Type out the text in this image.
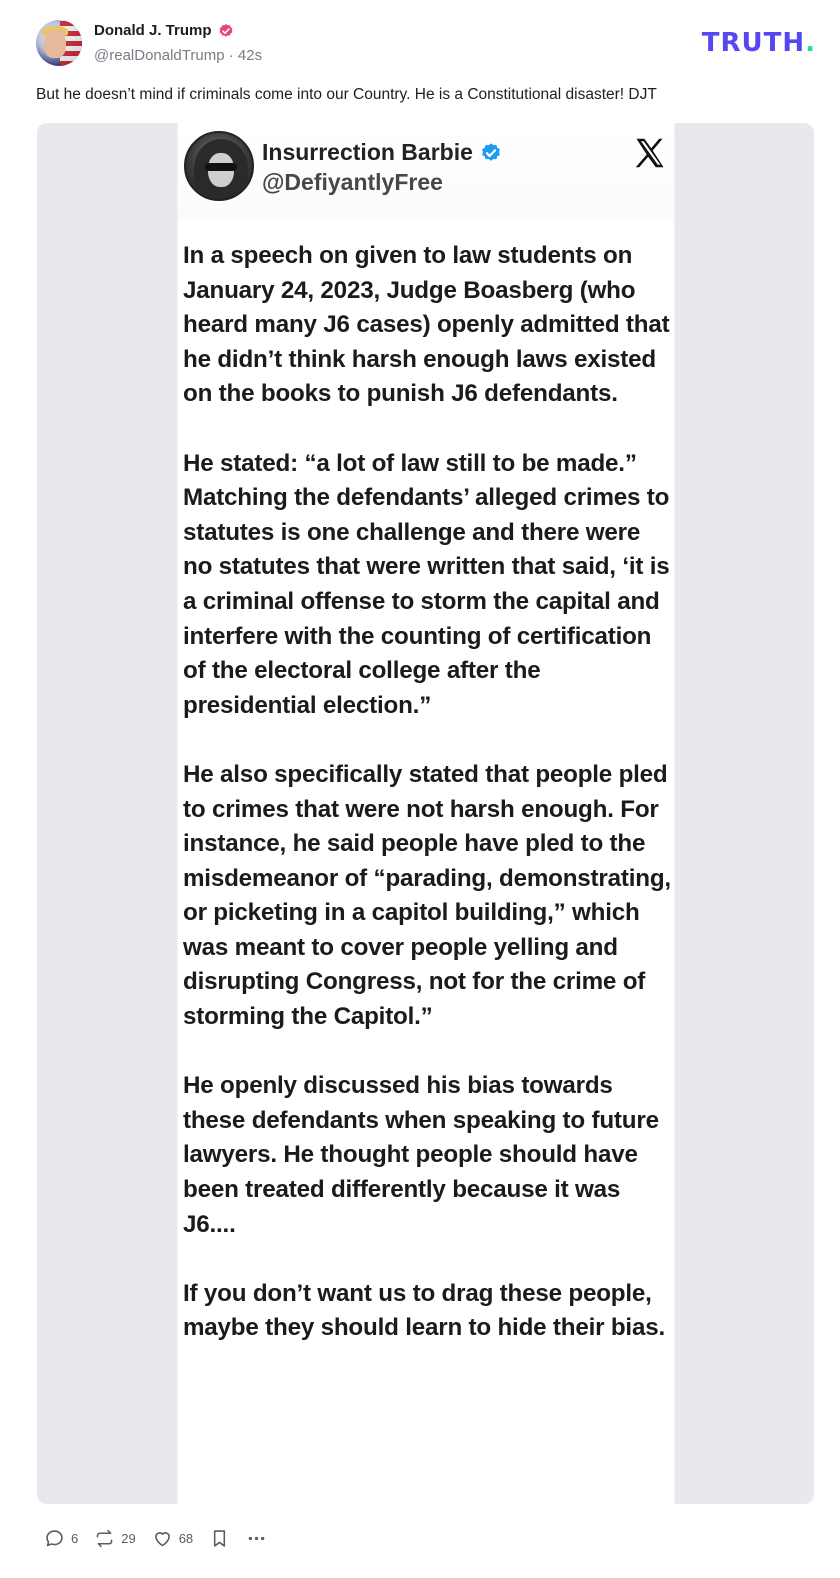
Donald J. Trump
@realDonaldTrump · 42s	TRUTH.
But he doesn’t mind if criminals come into our Country. He is a Constitutional disaster! DJT
Insurrection Barbie
@DefiyantlyFree

In a speech on given to law students on January 24, 2023, Judge Boasberg (who heard many J6 cases) openly admitted that he didn’t think harsh enough laws existed on the books to punish J6 defendants.

He stated: “a lot of law still to be made.” Matching the defendants’ alleged crimes to statutes is one challenge and there were no statutes that were written that said, ‘it is a criminal offense to storm the capital and interfere with the counting of certification of the electoral college after the presidential election.”

He also specifically stated that people pled to crimes that were not harsh enough. For instance, he said people have pled to the misdemeanor of “parading, demonstrating, or picketing in a capitol building,” which was meant to cover people yelling and disrupting Congress, not for the crime of storming the Capitol.”

He openly discussed his bias towards these defendants when speaking to future lawyers. He thought people should have been treated differently because it was J6....

If you don’t want us to drag these people, maybe they should learn to hide their bias.

6	29	68
